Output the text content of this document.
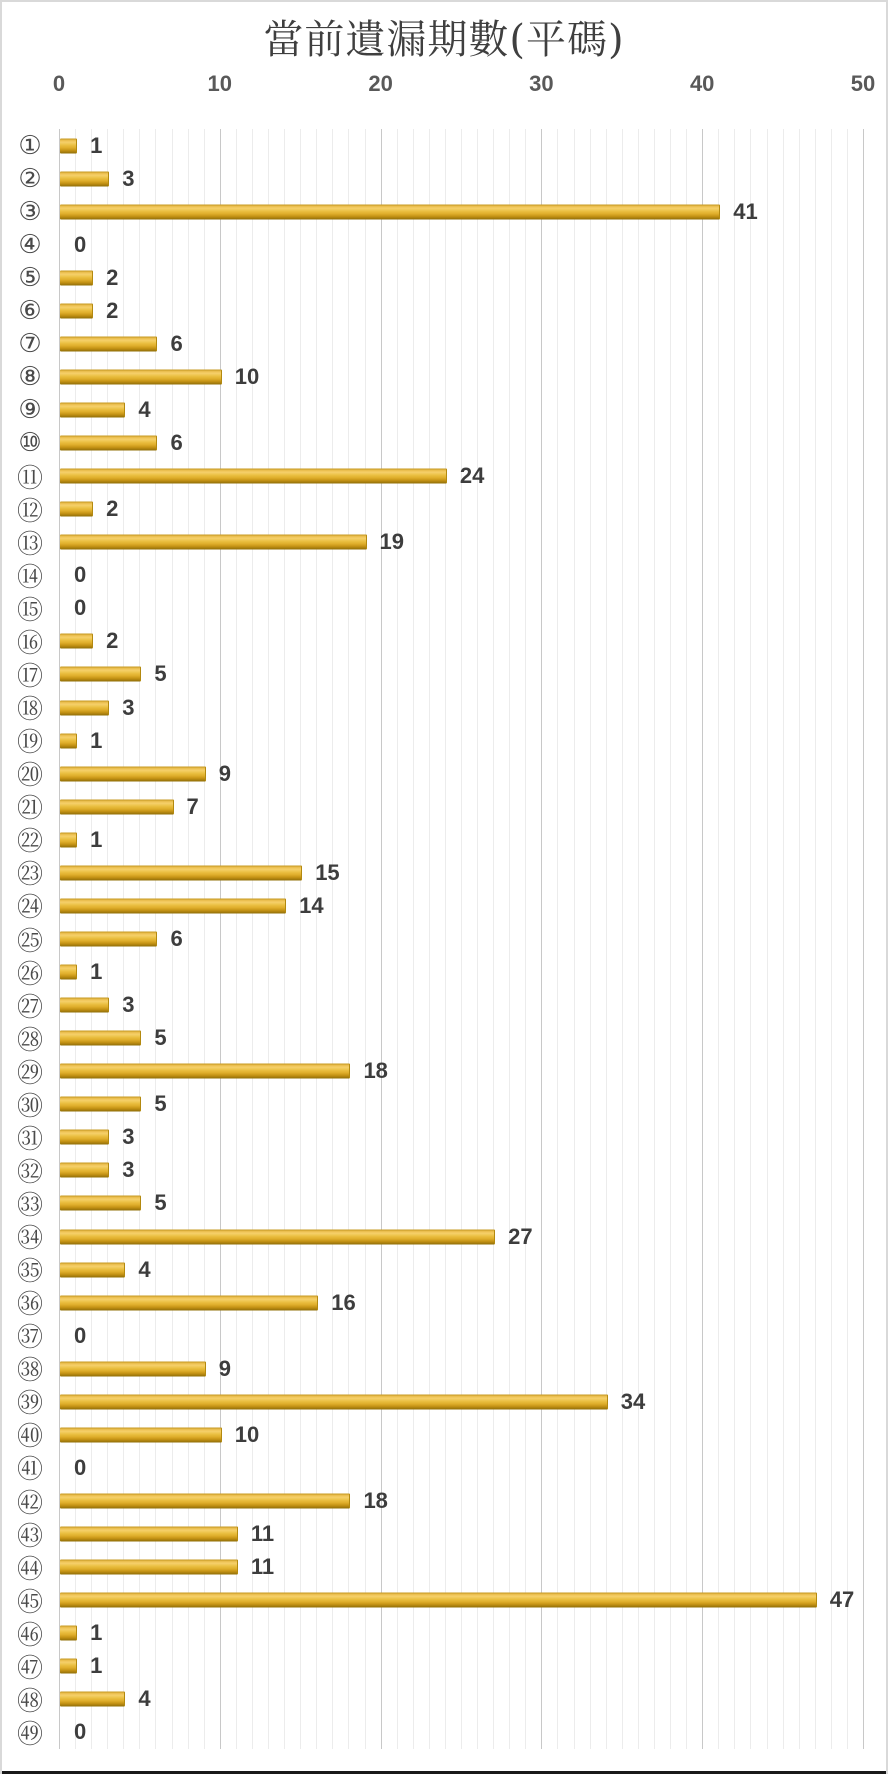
當前遺漏期數(平碼)
0	10	20	30	40	50
①	1
②	3
③	41
④	0
⑤	2
⑥	2
⑦	6
⑧	10
⑨	4
⑩	6
⑪	24
⑫	2
⑬	19
⑭	0
⑮	0
⑯	2
⑰	5
⑱	3
⑲	1
⑳	9
㉑	7
㉒	1
㉓	15
㉔	14
㉕	6
㉖	1
㉗	3
㉘	5
㉙	18
㉚	5
㉛	3
㉜	3
㉝	5
㉞	27
㉟	4
㊱	16
㊲	0
㊳	9
㊴	34
㊵	10
㊶	0
㊷	18
㊸	11
㊹	11
㊺	47
㊻	1
㊼	1
㊽	4
㊾	0
